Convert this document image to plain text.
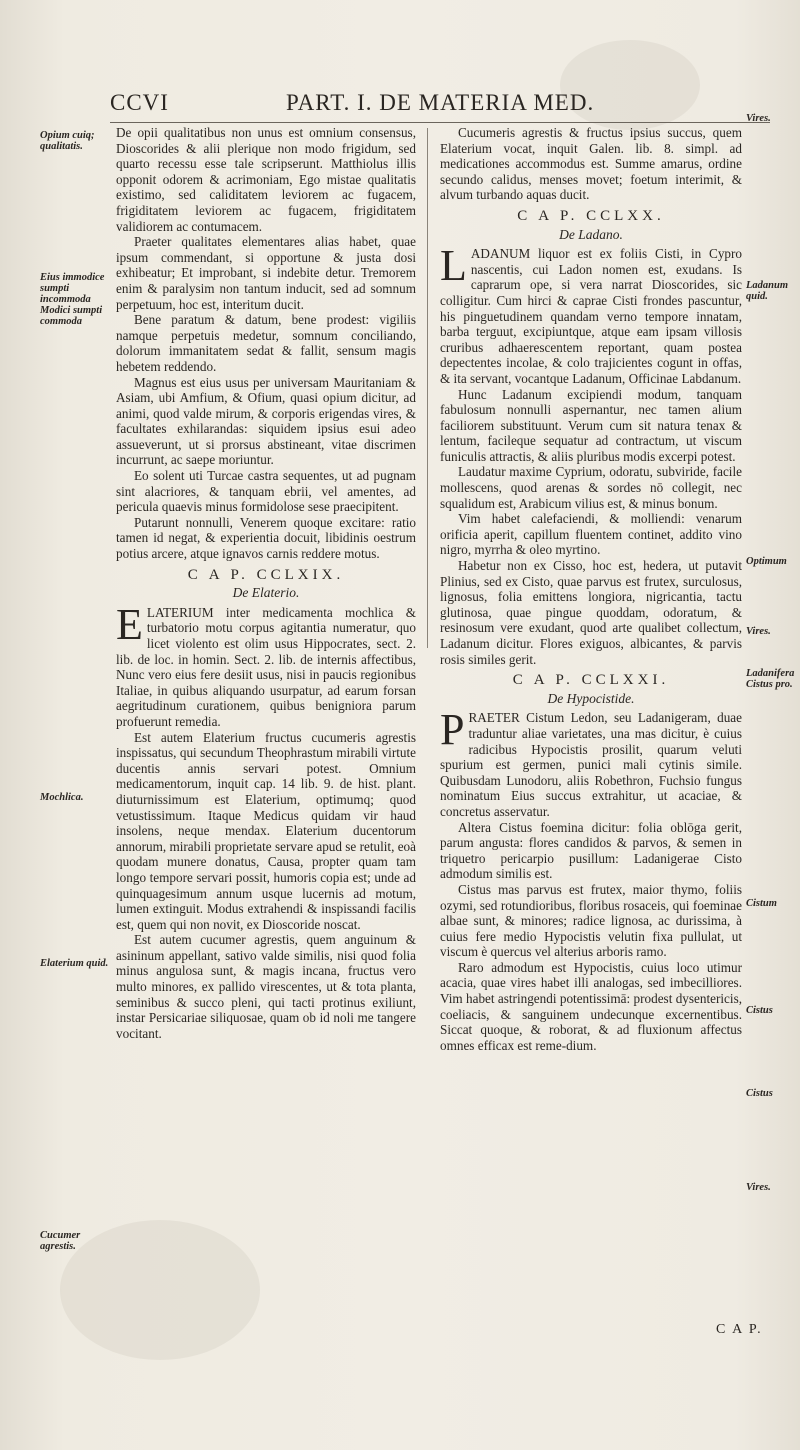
CCVI	PART. I. DE MATERIA MED.
Opium cuiq; qualitatis.
Eius immodice sumpti incommoda Modici sumpti commoda
Mochlica.
Elaterium quid.
Cucumer agrestis.
Vires.
Ladanum quid.
Optimum
Vires.
Ladanifera Cistus pro.
Cistum
Cistus
Cistus
Vires.

De opii qualitatibus non unus est omnium consensus, Dioscorides & alii plerique non modo frigidum, sed quarto recessu esse tale scripserunt. Matthiolus illis opponit odorem & acrimoniam, Ego mistae qualitatis existimo, sed caliditatem leviorem ac fugacem, frigiditatem leviorem ac fugacem, frigiditatem validiorem ac contumacem.

Praeter qualitates elementares alias habet, quae ipsum commendant, si opportune & justa dosi exhibeatur; Et improbant, si indebite detur. Tremorem enim & paralysim non tantum inducit, sed ad somnum perpetuum, hoc est, interitum ducit.

Bene paratum & datum, bene prodest: vigiliis namque perpetuis medetur, somnum conciliando, dolorum immanitatem sedat & fallit, sensum magis hebetem reddendo.

Magnus est eius usus per universam Mauritaniam & Asiam, ubi Amfium, & Ofium, quasi opium dicitur, ad animi, quod valde mirum, & corporis erigendas vires, & facultates exhilarandas: siquidem ipsius esui adeo assueverunt, ut si prorsus abstineant, vitae discrimen incurrunt, ac saepe moriuntur.

Eo solent uti Turcae castra sequentes, ut ad pugnam sint alacriores, & tanquam ebrii, vel amentes, ad pericula quaevis minus formidolose sese praecipitent.

Putarunt nonnulli, Venerem quoque excitare: ratio tamen id negat, & experientia docuit, libidinis oestrum potius arcere, atque ignavos carnis reddere motus.

C A P. CCLXIX.
De Elaterio.

ELATERIUM inter medicamenta mochlica & turbatorio motu corpus agitantia numeratur, quo licet violento est olim usus Hippocrates, sect. 2. lib. de loc. in homin. Sect. 2. lib. de internis affectibus, Nunc vero eius fere desiit usus, nisi in paucis regionibus Italiae, in quibus aliquando usurpatur, ad earum forsan aegritudinum curationem, quibus benigniora parum profuerunt remedia.

Est autem Elaterium fructus cucumeris agrestis inspissatus, qui secundum Theophrastum mirabili virtute ducentis annis servari potest. Omnium medicamentorum, inquit cap. 14 lib. 9. de hist. plant. diuturnissimum est Elaterium, optimumq; quod vetustissimum. Itaque Medicus quidam vir haud insolens, neque mendax. Elaterium ducentorum annorum, mirabili proprietate servare apud se retulit, eoà quodam munere donatus, Causa, propter quam tam longo tempore servari possit, humoris copia est; unde ad quinquagesimum annum usque lucernis ad motum, lumen extinguit. Modus extrahendi & inspissandi facilis est, quem qui non novit, ex Dioscoride noscat.

Est autem cucumer agrestis, quem anguinum & asininum appellant, sativo valde similis, nisi quod folia minus angulosa sunt, & magis incana, fructus vero multo minores, ex pallido virescentes, ut & tota planta, seminibus & succo pleni, qui tacti protinus exiliunt, instar Persicariae siliquosae, quam ob id noli me tangere vocitant.

Cucumeris agrestis & fructus ipsius succus, quem Elaterium vocat, inquit Galen. lib. 8. simpl. ad medicationes accommodus est. Summe amarus, ordine secundo calidus, menses movet; foetum interimit, & alvum turbando aquas ducit.

C A P. CCLXX.
De Ladano.

LADANUM liquor est ex foliis Cisti, in Cypro nascentis, cui Ladon nomen est, exudans. Is caprarum ope, si vera narrat Dioscorides, sic colligitur. Cum hirci & caprae Cisti frondes pascuntur, his pinguetudinem quandam verno tempore innatam, barba terguut, excipiuntque, atque eam ipsam villosis cruribus adhaerescentem reportant, quam postea depectentes incolae, & colo trajicientes cogunt in offas, & ita servant, vocantque Ladanum, Officinae Labdanum.

Hunc Ladanum excipiendi modum, tanquam fabulosum nonnulli aspernantur, nec tamen alium faciliorem substituunt. Verum cum sit natura tenax & lentum, facileque sequatur ad contractum, ut viscum funiculis attractis, & aliis pluribus modis excerpi potest.

Laudatur maxime Cyprium, odoratu, subviride, facile mollescens, quod arenas & sordes nō collegit, nec squalidum est, Arabicum vilius est, & minus bonum.

Vim habet calefaciendi, & molliendi: venarum orificia aperit, capillum fluentem continet, addito vino nigro, myrrha & oleo myrtino.

Habetur non ex Cisso, hoc est, hedera, ut putavit Plinius, sed ex Cisto, quae parvus est frutex, surculosus, lignosus, folia emittens longiora, nigricantia, tactu glutinosa, quae pingue quoddam, odoratum, & resinosum vere exudant, quod arte qualibet collectum, Ladanum dicitur. Flores exiguos, albicantes, & parvis rosis similes gerit.

C A P. CCLXXI.
De Hypocistide.

PRAETER Cistum Ledon, seu Ladanigeram, duae traduntur aliae varietates, una mas dicitur, è cuius radicibus Hypocistis prosilit, quarum veluti spurium est germen, punici mali cytinis simile. Quibusdam Lunodoru, aliis Robethron, Fuchsio fungus nominatum Eius succus extrahitur, ut acaciae, & concretus asservatur.

Altera Cistus foemina dicitur: folia oblōga gerit, parum angusta: flores candidos & parvos, & semen in triquetro pericarpio pusillum: Ladanigerae Cisto admodum similis est.

Cistus mas parvus est frutex, maior thymo, foliis ozymi, sed rotundioribus, floribus rosaceis, qui foeminae albae sunt, & minores; radice lignosa, ac durissima, à cuius fere medio Hypocistis velutin fixa pullulat, ut viscum è quercus vel alterius arboris ramo.

Raro admodum est Hypocistis, cuius loco utimur acacia, quae vires habet illi analogas, sed imbecilliores. Vim habet astringendi potentissimā: prodest dysentericis, coeliacis, & sanguinem undecunque excernentibus. Siccat quoque, & roborat, & ad fluxionum affectus omnes efficax est reme-dium.

C A P.
